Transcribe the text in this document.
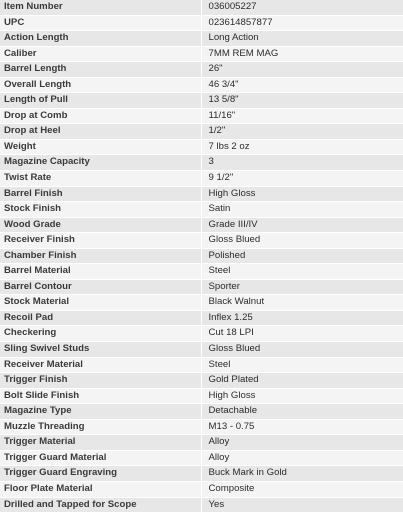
Item Number	036005227
UPC	023614857877
Action Length	Long Action
Caliber	7MM REM MAG
Barrel Length	26"
Overall Length	46 3/4"
Length of Pull	13 5/8"
Drop at Comb	11/16"
Drop at Heel	1/2"
Weight	7 lbs 2 oz
Magazine Capacity	3
Twist Rate	9 1/2"
Barrel Finish	High Gloss
Stock Finish	Satin
Wood Grade	Grade III/IV
Receiver Finish	Gloss Blued
Chamber Finish	Polished
Barrel Material	Steel
Barrel Contour	Sporter
Stock Material	Black Walnut
Recoil Pad	Inflex 1.25
Checkering	Cut 18 LPI
Sling Swivel Studs	Gloss Blued
Receiver Material	Steel
Trigger Finish	Gold Plated
Bolt Slide Finish	High Gloss
Magazine Type	Detachable
Muzzle Threading	M13 - 0.75
Trigger Material	Alloy
Trigger Guard Material	Alloy
Trigger Guard Engraving	Buck Mark in Gold
Floor Plate Material	Composite
Drilled and Tapped for Scope	Yes
